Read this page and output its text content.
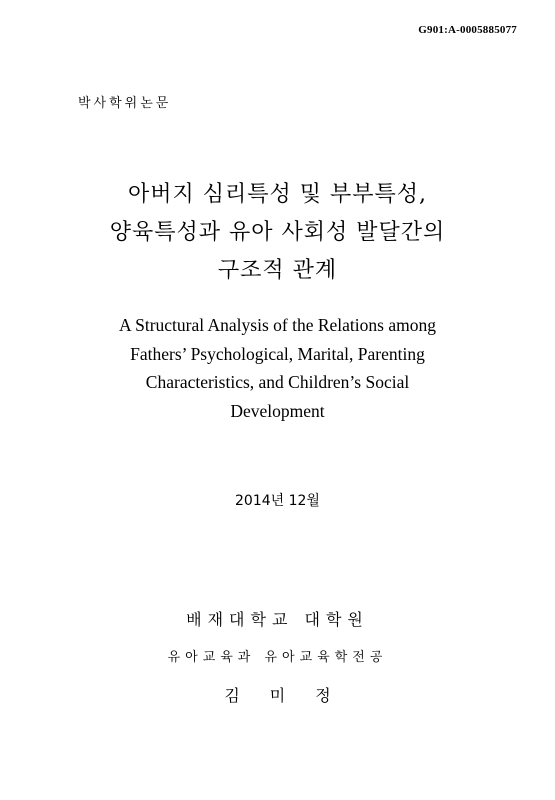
G901:A-0005885077
박사학위논문
아버지 심리특성 및 부부특성,
양육특성과 유아 사회성 발달간의
구조적 관계
A Structural Analysis of the Relations among
Fathers’ Psychological, Marital, Parenting
Characteristics, and Children’s Social
Development
2014년 12월
배재대학교 대학원
유아교육과 유아교육학전공
김미정
